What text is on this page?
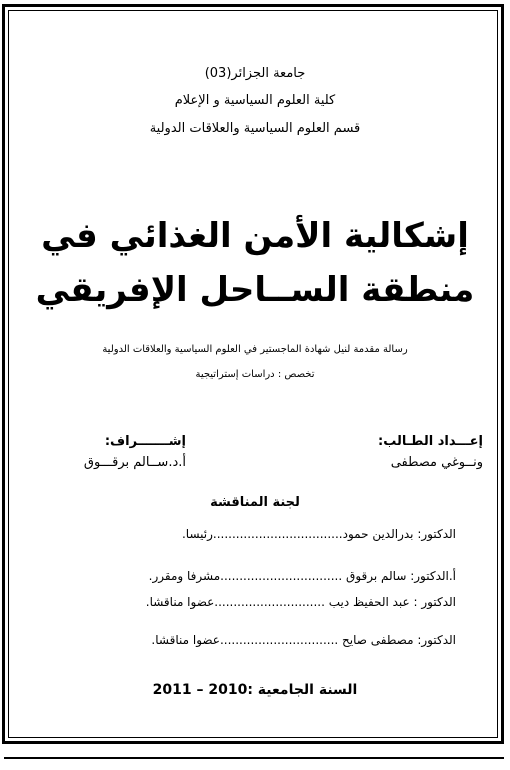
جامعة الجزائر(03)
كلية العلوم السياسية و الإعلام
قسم العلوم السياسية والعلاقات الدولية
إشكالية الأمن الغذائي في
منطقة الســاحل الإفريقي
رسالة مقدمة لنيل شهادة الماجستير في العلوم السياسية والعلاقات الدولية
تخصص : دراسات إستراتيجية
إعـــداد الطـالب:
ونــوغي مصطفى
إشـــــــراف:
أ.د.ســالم برقـــوق
لجنة المناقشة
الدكتور: بدرالدين حمود..................................رئيسا.
أ.الدكتور: سالم برقوق ................................مشرفا ومقرر.
الدكتور : عبد الحفيظ ديب .............................عضوا مناقشا.
الدكتور: مصطفى صايح ...............................عضوا مناقشا.
السنة الجامعية :2010 – 2011
